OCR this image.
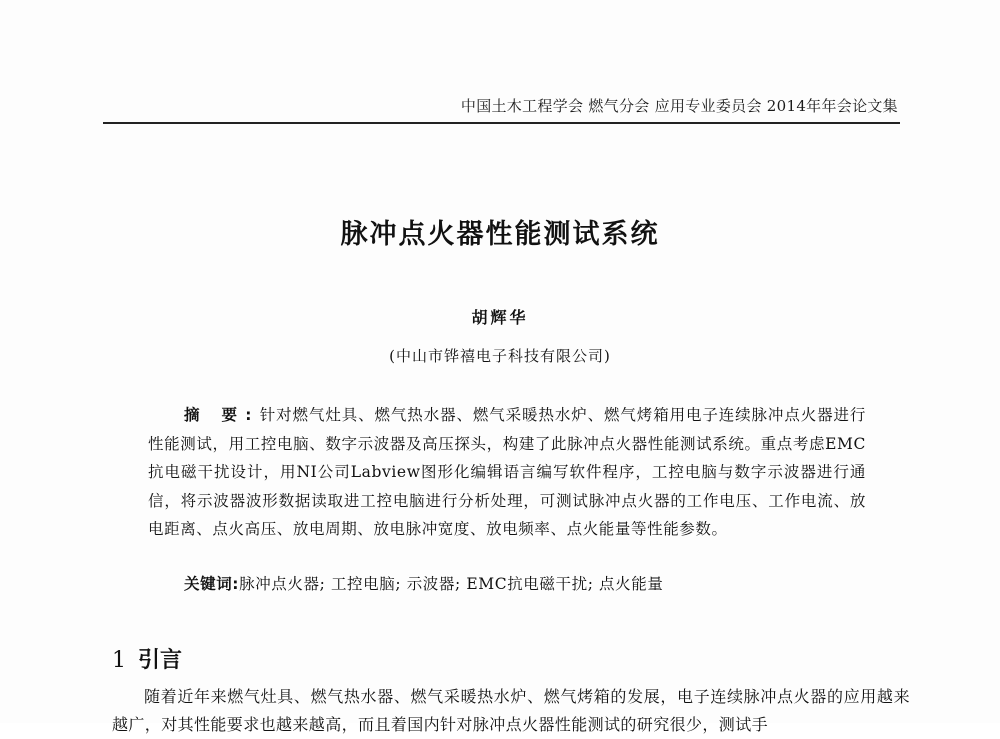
中国土木工程学会 燃气分会 应用专业委员会 2014年年会论文集
脉冲点火器性能测试系统
胡辉华
(中山市铧禧电子科技有限公司)
摘 要:针对燃气灶具、燃气热水器、燃气采暖热水炉、燃气烤箱用电子连续脉冲点火器进行性能测试，用工控电脑、数字示波器及高压探头，构建了此脉冲点火器性能测试系统。重点考虑EMC抗电磁干扰设计，用NI公司Labview图形化编辑语言编写软件程序，工控电脑与数字示波器进行通信，将示波器波形数据读取进工控电脑进行分析处理，可测试脉冲点火器的工作电压、工作电流、放电距离、点火高压、放电周期、放电脉冲宽度、放电频率、点火能量等性能参数。
关键词:脉冲点火器; 工控电脑; 示波器; EMC抗电磁干扰; 点火能量
1 引言
随着近年来燃气灶具、燃气热水器、燃气采暖热水炉、燃气烤箱的发展，电子连续脉冲点火器的应用越来越广，对其性能要求也越来越高，而且着国内针对脉冲点火器性能测试的研究很少，测试手
